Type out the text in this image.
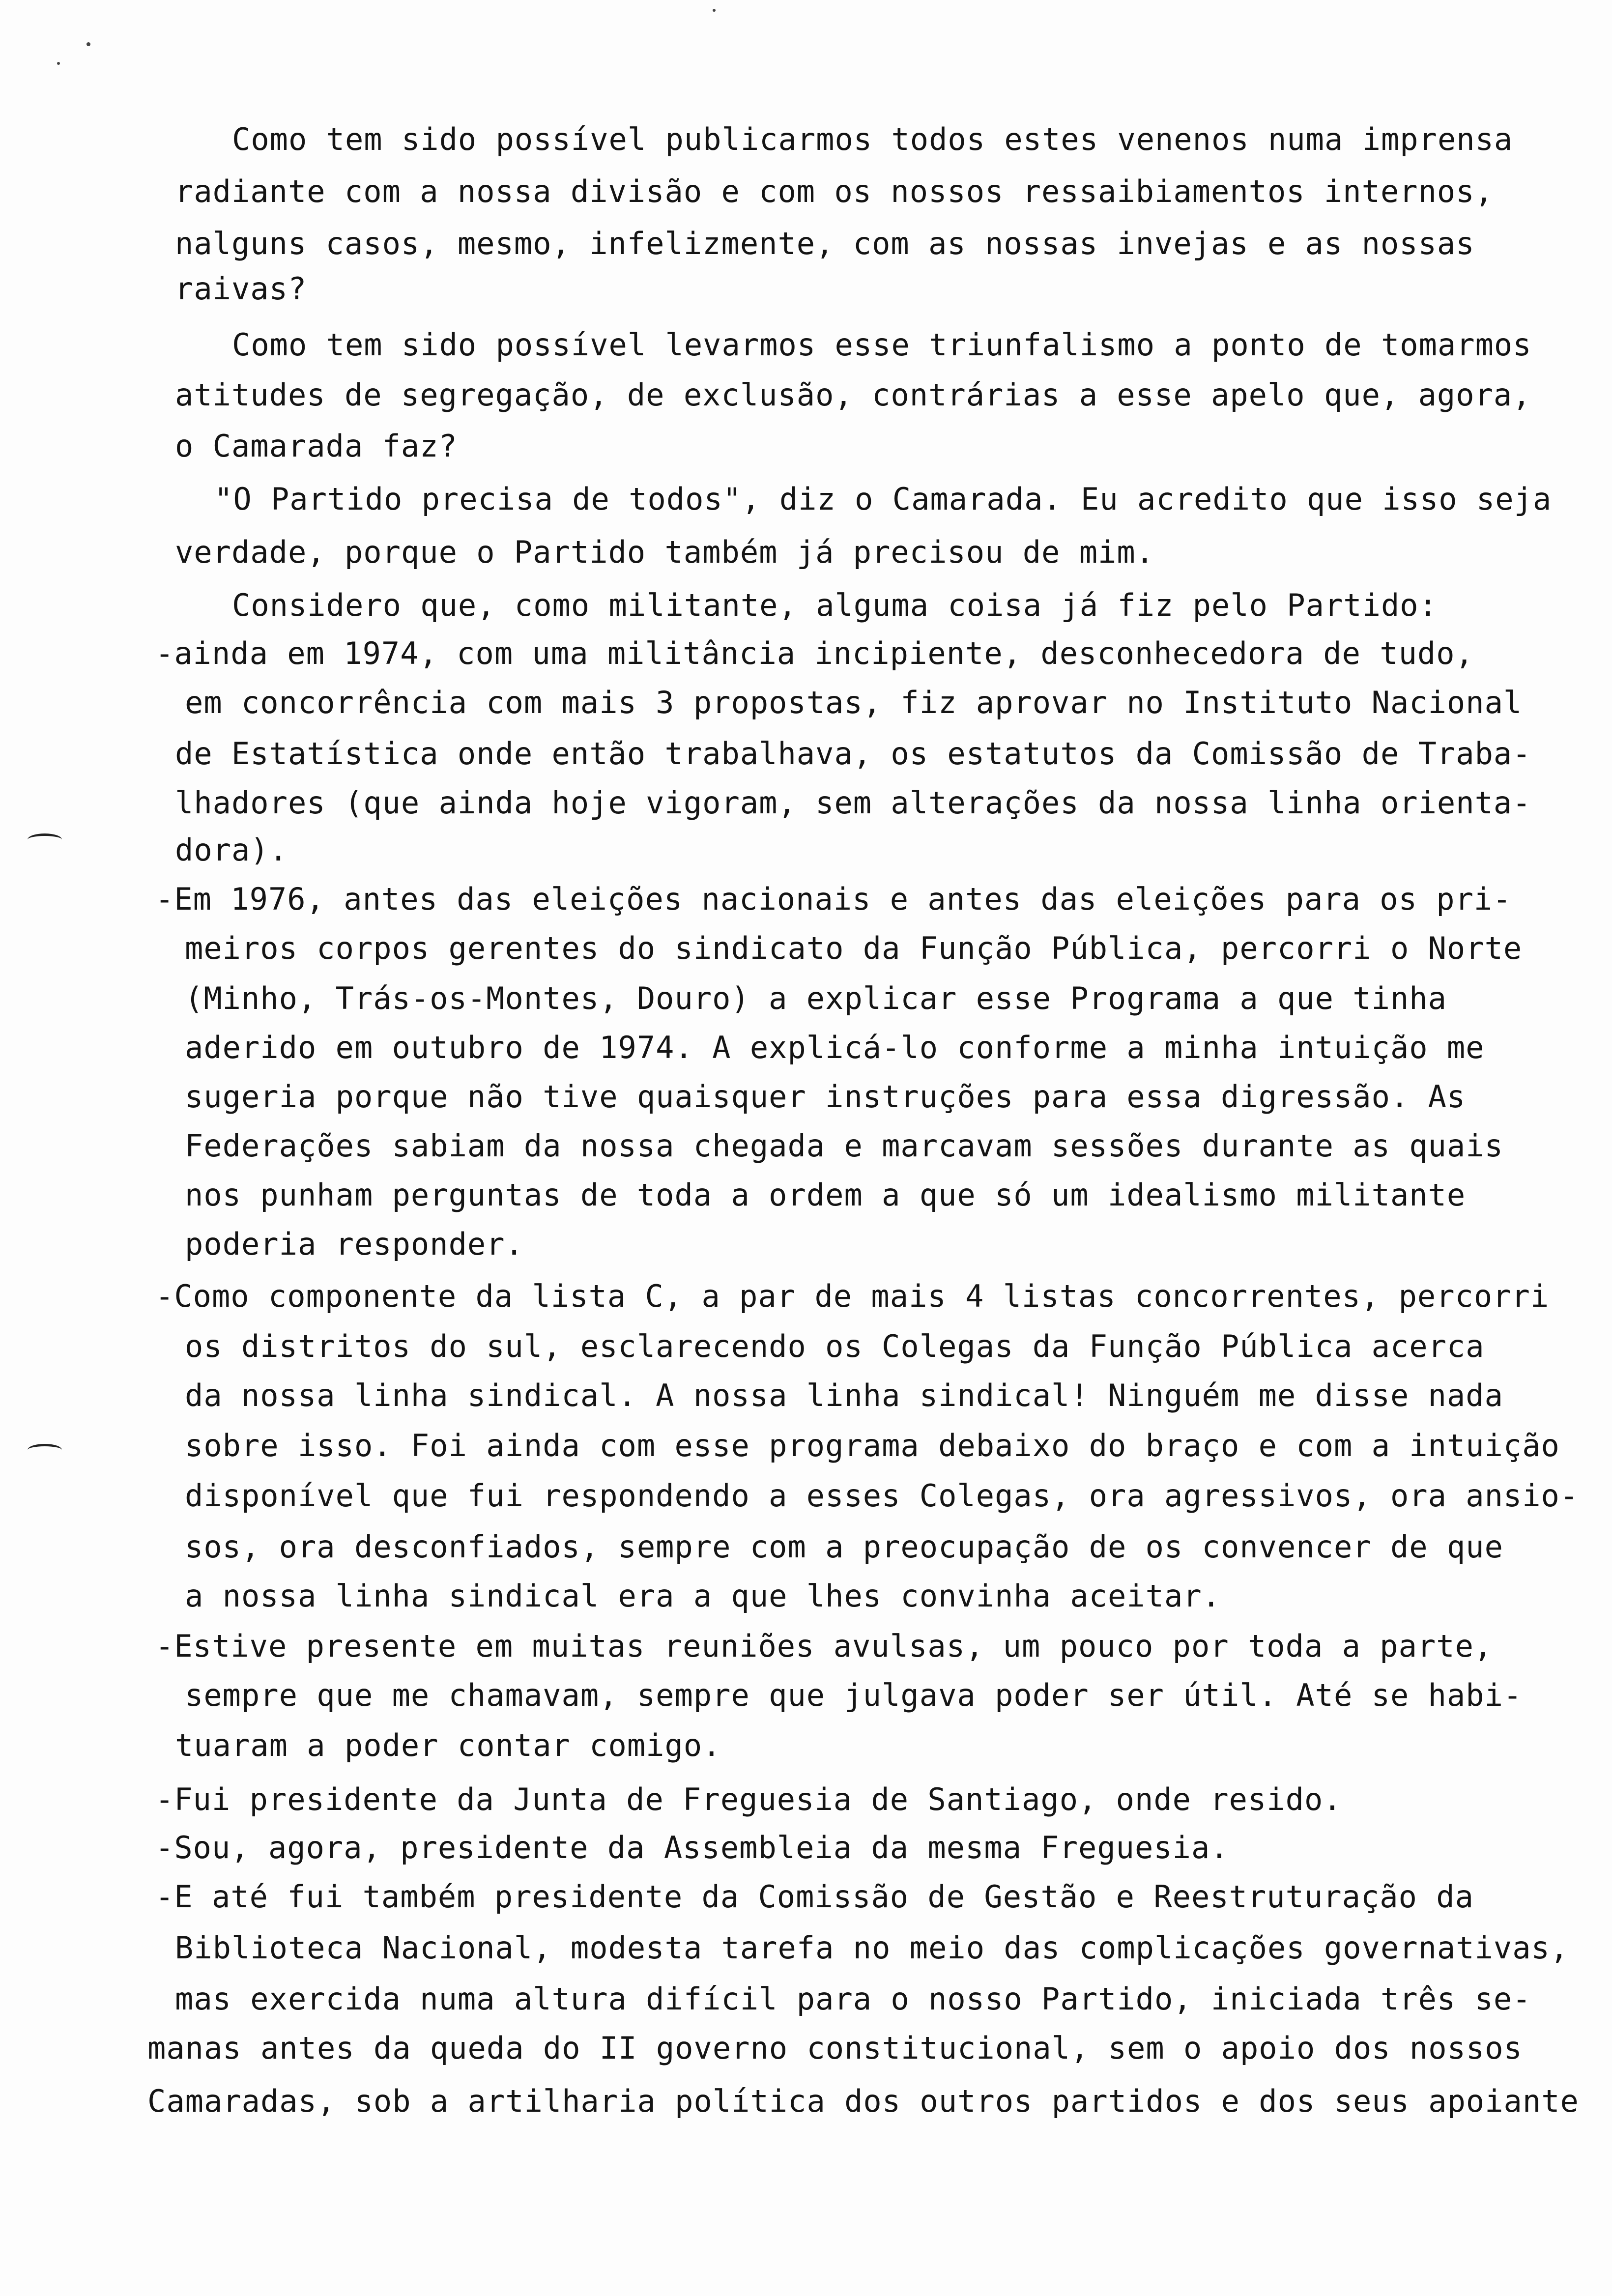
Como tem sido possível publicarmos todos estes venenos numa imprensa
radiante com a nossa divisão e com os nossos ressaibiamentos internos,
nalguns casos, mesmo, infelizmente, com as nossas invejas e as nossas
raivas?
Como tem sido possível levarmos esse triunfalismo a ponto de tomarmos
atitudes de segregação, de exclusão, contrárias a esse apelo que, agora,
o Camarada faz?
"O Partido precisa de todos", diz o Camarada. Eu acredito que isso seja
verdade, porque o Partido também já precisou de mim.
Considero que, como militante, alguma coisa já fiz pelo Partido:
-ainda em 1974, com uma militância incipiente, desconhecedora de tudo,
em concorrência com mais 3 propostas, fiz aprovar no Instituto Nacional
de Estatística onde então trabalhava, os estatutos da Comissão de Traba-
lhadores (que ainda hoje vigoram, sem alterações da nossa linha orienta-
dora).
-Em 1976, antes das eleições nacionais e antes das eleições para os pri-
meiros corpos gerentes do sindicato da Função Pública, percorri o Norte
(Minho, Trás-os-Montes, Douro) a explicar esse Programa a que tinha
aderido em outubro de 1974. A explicá-lo conforme a minha intuição me
sugeria porque não tive quaisquer instruções para essa digressão. As
Federações sabiam da nossa chegada e marcavam sessões durante as quais
nos punham perguntas de toda a ordem a que só um idealismo militante
poderia responder.
-Como componente da lista C, a par de mais 4 listas concorrentes, percorri
os distritos do sul, esclarecendo os Colegas da Função Pública acerca
da nossa linha sindical. A nossa linha sindical! Ninguém me disse nada
sobre isso. Foi ainda com esse programa debaixo do braço e com a intuição
disponível que fui respondendo a esses Colegas, ora agressivos, ora ansio-
sos, ora desconfiados, sempre com a preocupação de os convencer de que
a nossa linha sindical era a que lhes convinha aceitar.
-Estive presente em muitas reuniões avulsas, um pouco por toda a parte,
sempre que me chamavam, sempre que julgava poder ser útil. Até se habi-
tuaram a poder contar comigo.
-Fui presidente da Junta de Freguesia de Santiago, onde resido.
-Sou, agora, presidente da Assembleia da mesma Freguesia.
-E até fui também presidente da Comissão de Gestão e Reestruturação da
Biblioteca Nacional, modesta tarefa no meio das complicações governativas,
mas exercida numa altura difícil para o nosso Partido, iniciada três se-
manas antes da queda do II governo constitucional, sem o apoio dos nossos
Camaradas, sob a artilharia política dos outros partidos e dos seus apoiante
